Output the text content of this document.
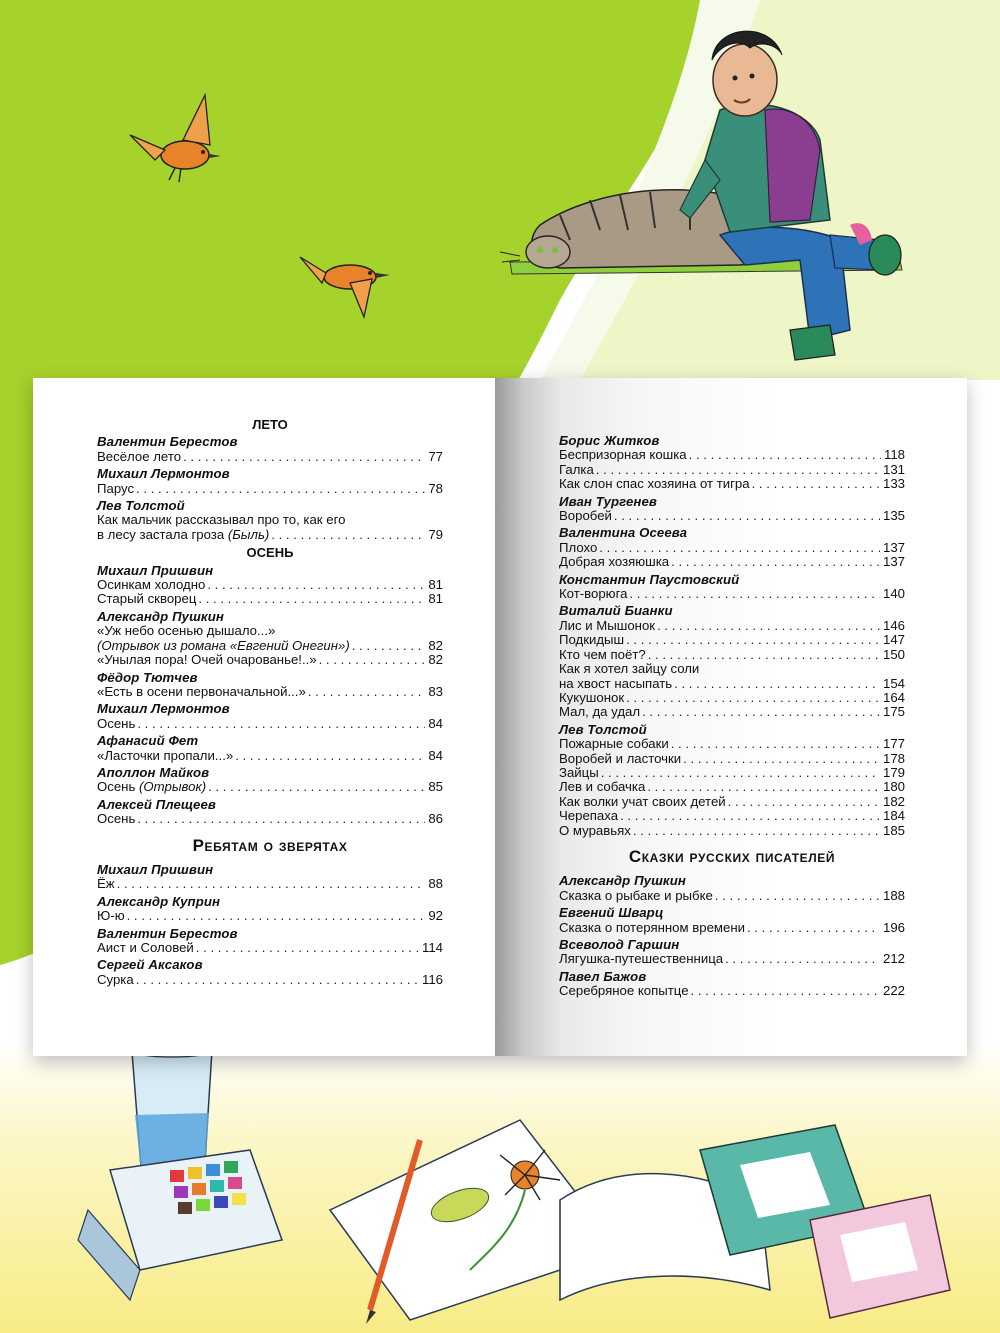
ЛЕТО
Валентин Берестов
Весёлое лето . . .	77
Михаил Лермонтов
Парус . . .	78
Лев Толстой
Как мальчик рассказывал про то, как его
в лесу застала гроза (Быль) . . .	79
ОСЕНЬ
Михаил Пришвин
Осинкам холодно . . .	81
Старый скворец . . .	81
Александр Пушкин
«Уж небо осенью дышало...»
(Отрывок из романа «Евгений Онегин») . . .	82
«Унылая пора! Очей очарованье!..» . . .	82
Фёдор Тютчев
«Есть в осени первоначальной...» . . .	83
Михаил Лермонтов
Осень . . .	84
Афанасий Фет
«Ласточки пропали...» . . .	84
Аполлон Майков
Осень (Отрывок) . . .	85
Алексей Плещеев
Осень . . .	86
Ребятам о зверятах
Михаил Пришвин
Ёж . . .	88
Александр Куприн
Ю-ю . . .	92
Валентин Берестов
Аист и Соловей . . .	114
Сергей Аксаков
Сурка . . .	116
Борис Житков
Беспризорная кошка . . .	118
Галка . . .	131
Как слон спас хозяина от тигра . . .	133
Иван Тургенев
Воробей . . .	135
Валентина Осеева
Плохо . . .	137
Добрая хозяюшка . . .	137
Константин Паустовский
Кот-ворюга . . .	140
Виталий Бианки
Лис и Мышонок . . .	146
Подкидыш . . .	147
Кто чем поёт? . . .	150
Как я хотел зайцу соли
на хвост насыпать . . .	154
Кукушонок . . .	164
Мал, да удал . . .	175
Лев Толстой
Пожарные собаки . . .	177
Воробей и ласточки . . .	178
Зайцы . . .	179
Лев и собачка . . .	180
Как волки учат своих детей . . .	182
Черепаха . . .	184
О муравьях . . .	185
Сказки русских писателей
Александр Пушкин
Сказка о рыбаке и рыбке . . .	188
Евгений Шварц
Сказка о потерянном времени . . .	196
Всеволод Гаршин
Лягушка-путешественница . . .	212
Павел Бажов
Серебряное копытце . . .	222
